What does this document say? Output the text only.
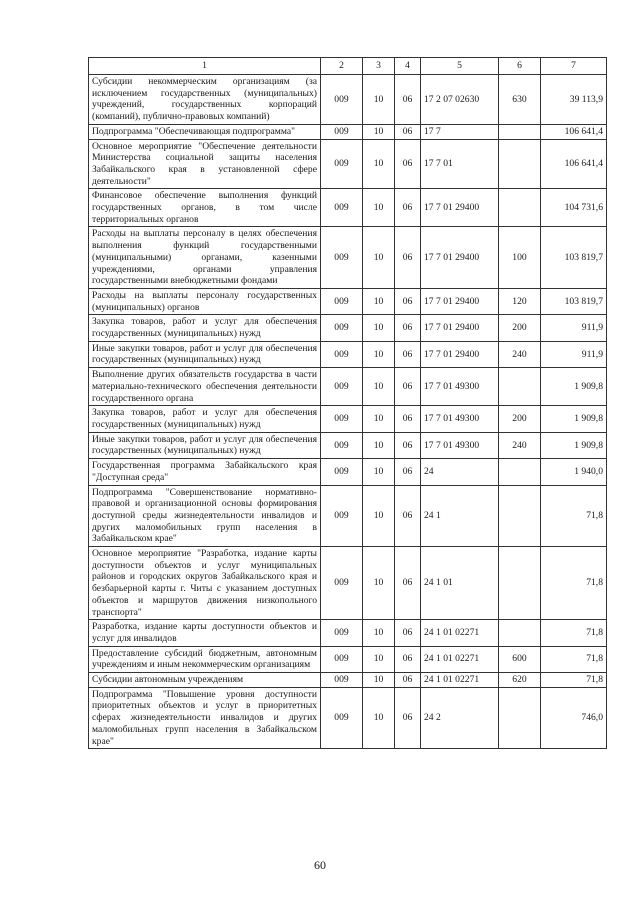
1	2	3	4	5	6	7
Субсидии некоммерческим организациям (за исключением государственных (муниципальных) учреждений, государственных корпораций (компаний), публично-правовых компаний)	009	10	06	17 2 07 02630	630	39 113,9
Подпрограмма "Обеспечивающая подпрограмма"	009	10	06	17 7		106 641,4
Основное мероприятие "Обеспечение деятельности Министерства социальной защиты населения Забайкальского края в установленной сфере деятельности"	009	10	06	17 7 01		106 641,4
Финансовое обеспечение выполнения функций государственных органов, в том числе территориальных органов	009	10	06	17 7 01 29400		104 731,6
Расходы на выплаты персоналу в целях обеспечения выполнения функций государственными (муниципальными) органами, казенными учреждениями, органами управления государственными внебюджетными фондами	009	10	06	17 7 01 29400	100	103 819,7
Расходы на выплаты персоналу государственных (муниципальных) органов	009	10	06	17 7 01 29400	120	103 819,7
Закупка товаров, работ и услуг для обеспечения государственных (муниципальных) нужд	009	10	06	17 7 01 29400	200	911,9
Иные закупки товаров, работ и услуг для обеспечения государственных (муниципальных) нужд	009	10	06	17 7 01 29400	240	911,9
Выполнение других обязательств государства в части материально-технического обеспечения деятельности государственного органа	009	10	06	17 7 01 49300		1 909,8
Закупка товаров, работ и услуг для обеспечения государственных (муниципальных) нужд	009	10	06	17 7 01 49300	200	1 909,8
Иные закупки товаров, работ и услуг для обеспечения государственных (муниципальных) нужд	009	10	06	17 7 01 49300	240	1 909,8
Государственная программа Забайкальского края "Доступная среда"	009	10	06	24		1 940,0
Подпрограмма "Совершенствование нормативно-правовой и организационной основы формирования доступной среды жизнедеятельности инвалидов и других маломобильных групп населения в Забайкальском крае"	009	10	06	24 1		71,8
Основное мероприятие "Разработка, издание карты доступности объектов и услуг муниципальных районов и городских округов Забайкальского края и безбарьерной карты г. Читы с указанием доступных объектов и маршрутов движения низкопольного транспорта"	009	10	06	24 1 01		71,8
Разработка, издание карты доступности объектов и услуг для инвалидов	009	10	06	24 1 01 02271		71,8
Предоставление субсидий бюджетным, автономным учреждениям и иным некоммерческим организациям	009	10	06	24 1 01 02271	600	71,8
Субсидии автономным учреждениям	009	10	06	24 1 01 02271	620	71,8
Подпрограмма "Повышение уровня доступности приоритетных объектов и услуг в приоритетных сферах жизнедеятельности инвалидов и других маломобильных групп населения в Забайкальском крае"	009	10	06	24 2		746,0
60
